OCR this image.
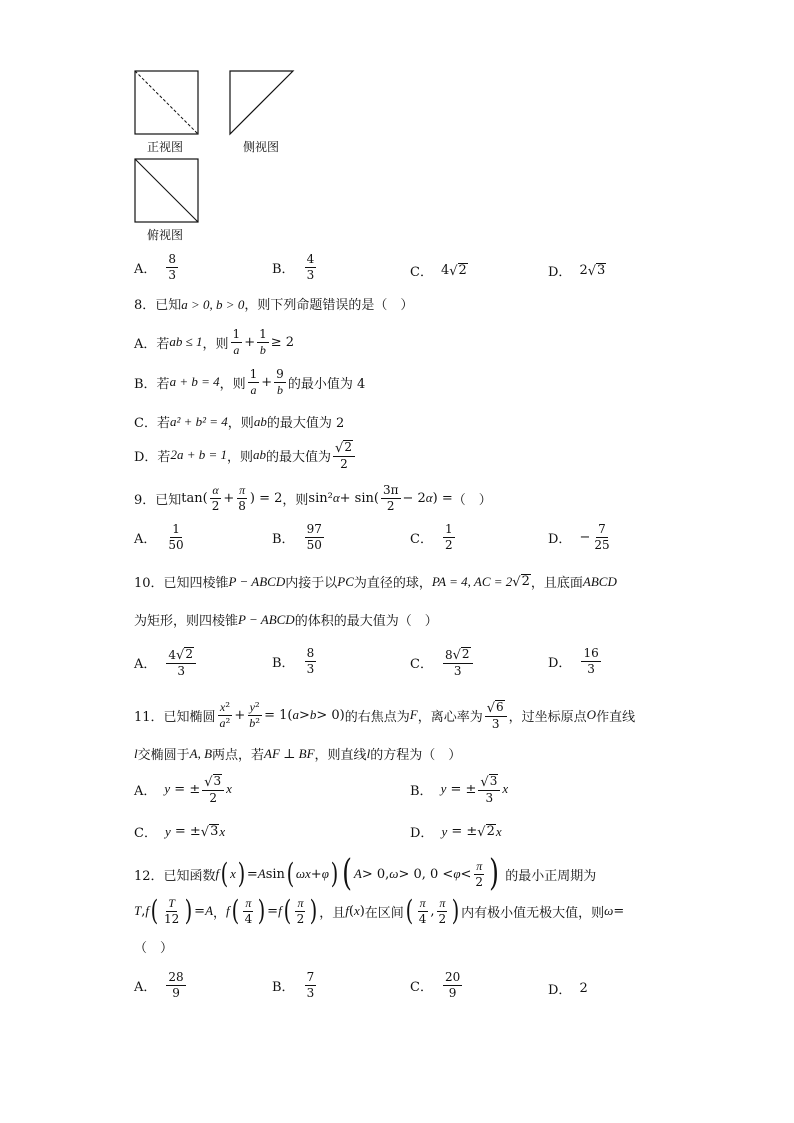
正视图	侧视图
俯视图
A． $\frac{8}{3}$	B． $\frac{4}{3}$	C． 4 √ 2	D． 2 √ 3
8．已知a > 0, b > 0，则下列命题错误的是（　）
A．若 ab ≤ 1 ，则 $\frac{1}{a} + \frac{1}{b} \ge 2$
B．若 a + b = 4 ，则 $\frac{1}{a} + \frac{9}{b}$ 的最小值为 4
C．若 a² + b² = 4 ，则 ab 的最大值为 2
D．若 2a + b = 1 ，则 ab 的最大值为 $\frac{√ 2}{2}$
9．已知 $\tan( \frac{\alpha}{2} + \frac{\pi}{8}$ ) = 2 ，则 sin² $\alpha + \sin( \frac{3\pi}{2} - 2$ α ) = （　）
A． $\frac{1}{50}$	B． $\frac{97}{50}$	C． $\frac{1}{2}$	D． − $\frac{7}{25}$
10．已知四棱锥 P − ABCD 内接于以 PC 为直径的球， PA = 4, AC = 2 √ 2 ，且底面 ABCD
为矩形，则四棱锥 P − ABCD 的体积的最大值为（　）
A． $\frac{4 √ 2}{3}$	B． $\frac{8}{3}$	C． $\frac{8 √ 2}{3}$	D． $\frac{16}{3}$
11．已知椭圆 $\frac{\text{x²}}{\text{a²}} + \frac{\text{y²}}{\text{b²}} = 1$( a > b > 0) 的右焦点为 F ，离心率为 $\frac{√ 6}{3}$ ，过坐标原点 O 作直线
l 交椭圆于 A, B 两点，若 AF ⊥ BF ，则直线 l 的方程为（　）
A． y = ± $\frac{√ 3}{2}$ x	B． y = ± $\frac{√ 3}{3}$ x
C． y = ± √ 3 x	D． y = ± √ 2 x
12．已知函数 f ( x ) = A sin ( ωx + φ ) ( A > 0, ω > 0, $0 < \varphi < \frac{\pi}{2}$ )
的最小正周期为
T , f ( $\frac{T}{12}$ ) = A ， f ( $\frac{\pi}{4}$ ) = f ( $\frac{\pi}{2}$ ) ，且 f ( x ) 在区间 ( $\frac{\pi}{4}$ , $\frac{\pi}{2}$ ) 内有极小值无极大值，则 ω =
（　）
A． $\frac{28}{9}$	B． $\frac{7}{3}$	C． $\frac{20}{9}$	D． 2
